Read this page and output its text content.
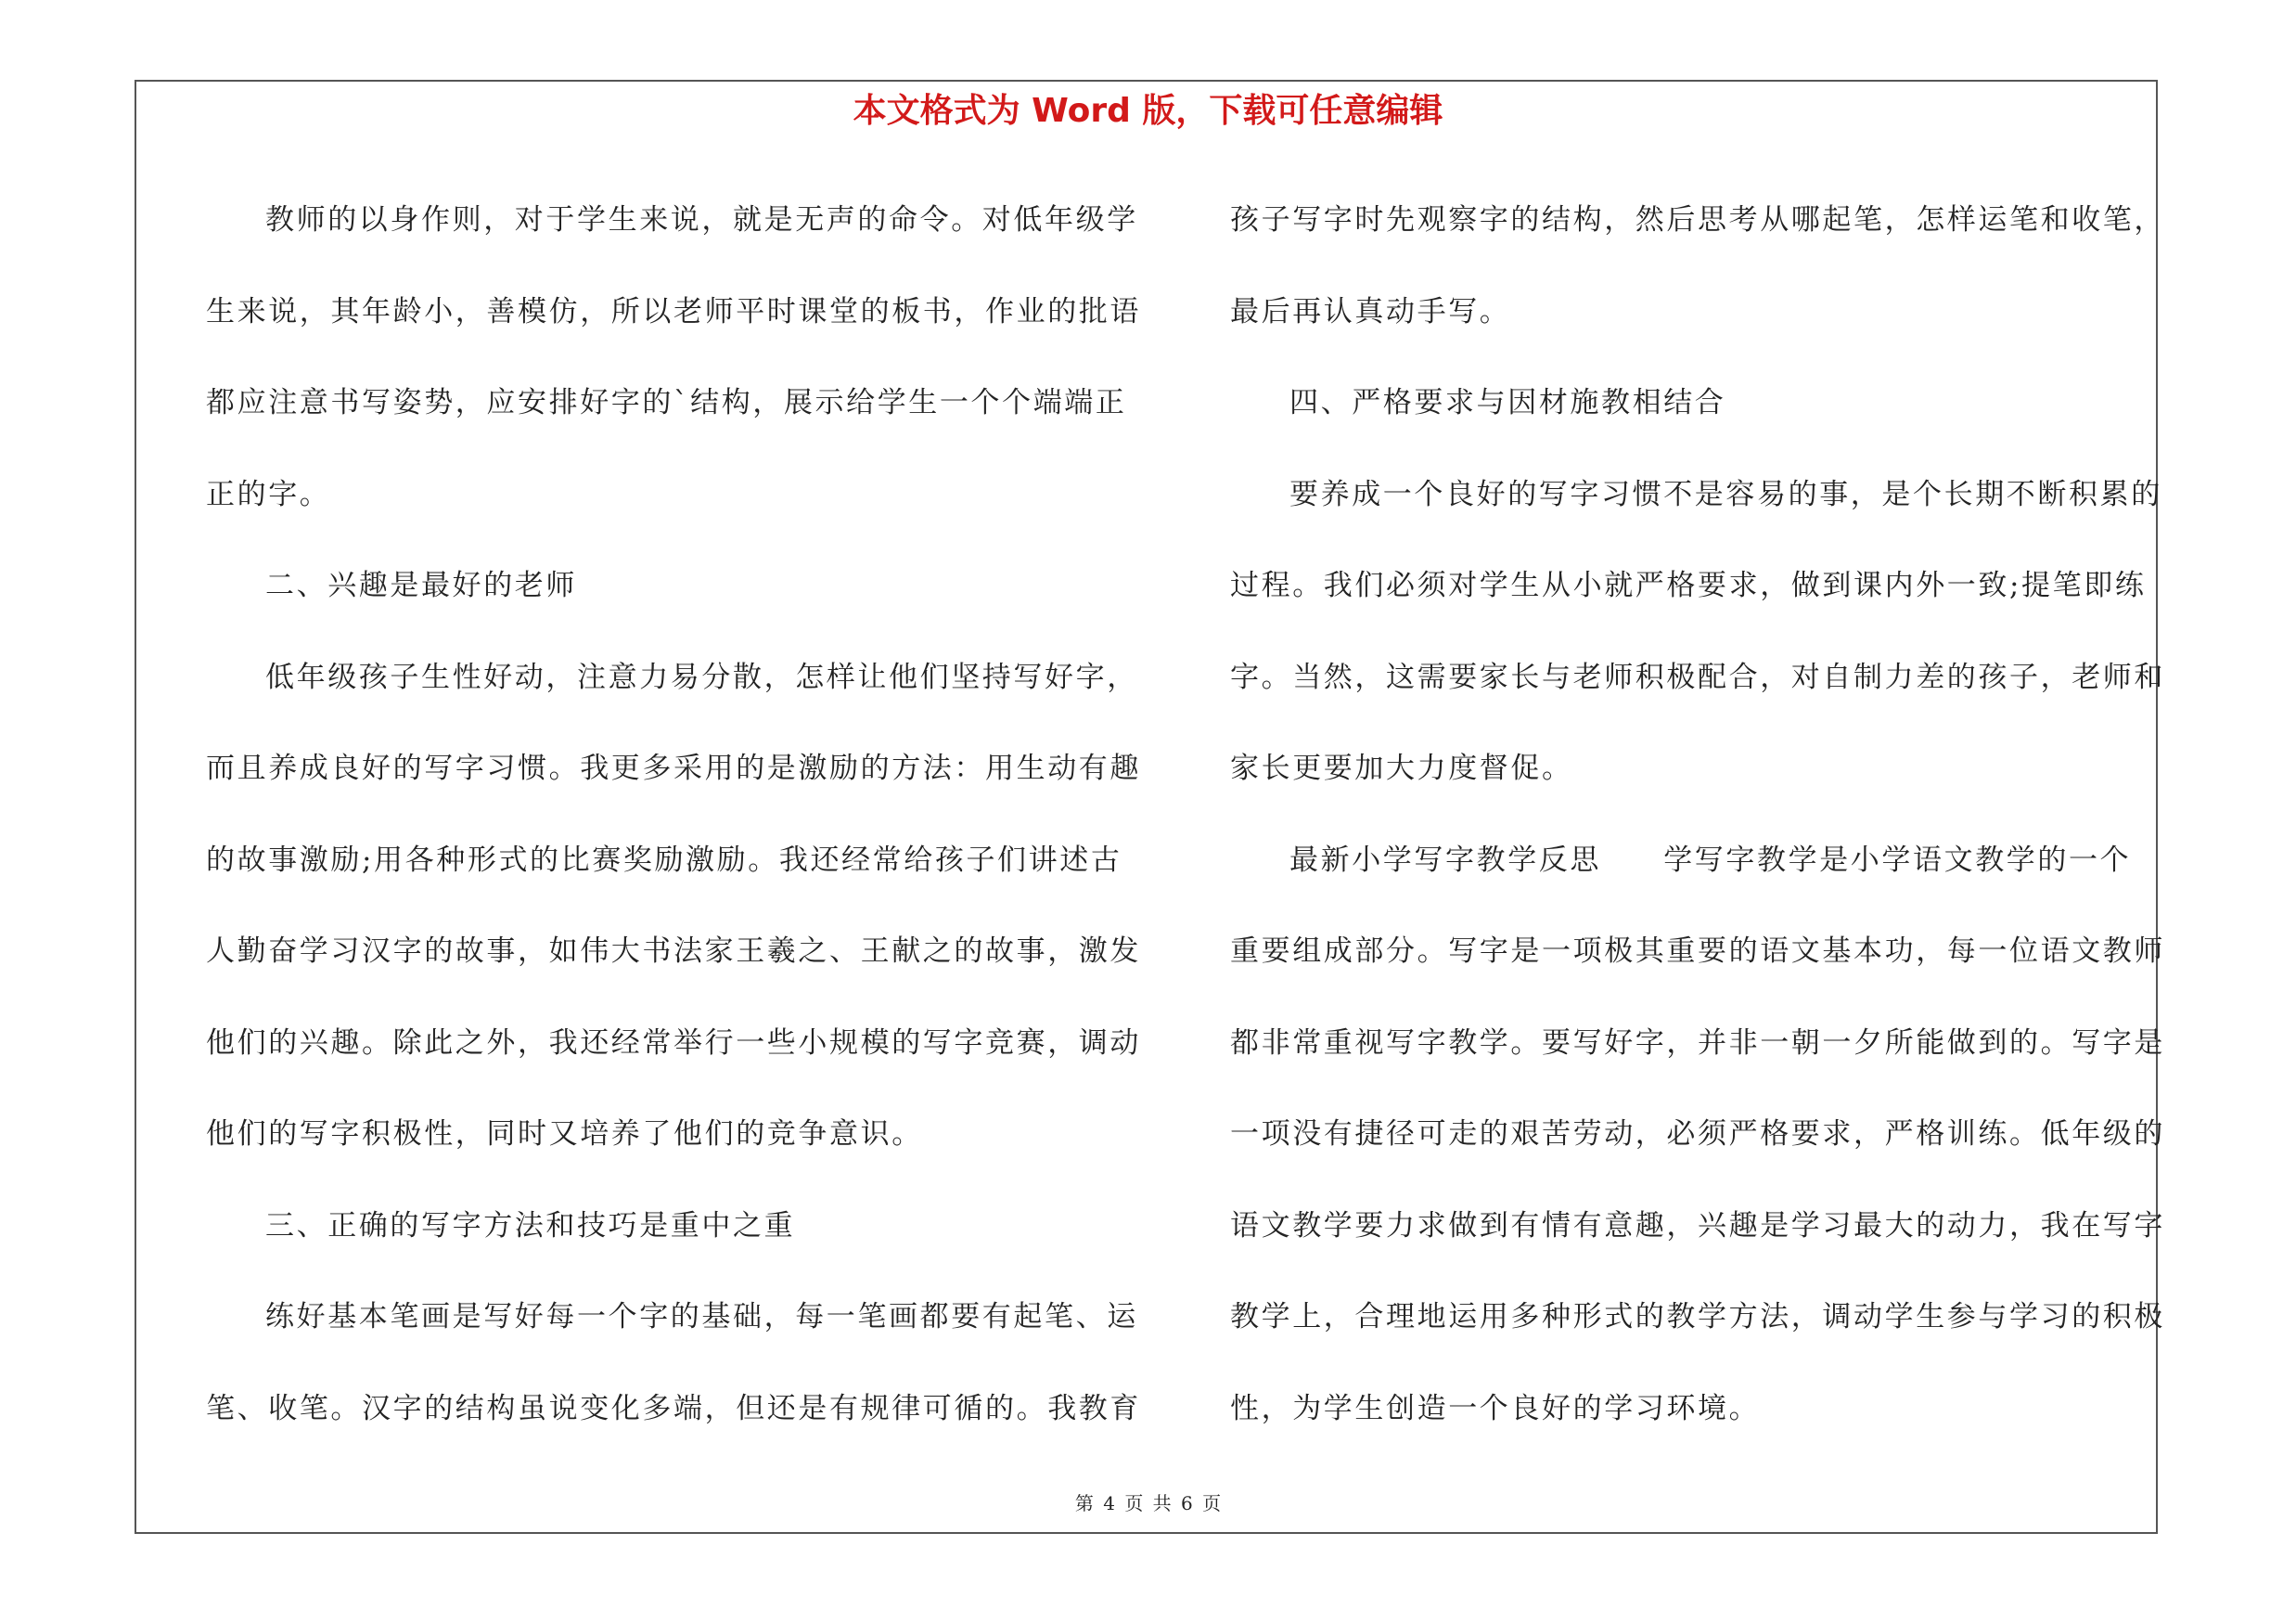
本文格式为 Word 版，下载可任意编辑
教师的以身作则，对于学生来说，就是无声的命令。对低年级学
生来说，其年龄小，善模仿，所以老师平时课堂的板书，作业的批语
都应注意书写姿势，应安排好字的`结构，展示给学生一个个端端正
正的字。
二、兴趣是最好的老师
低年级孩子生性好动，注意力易分散，怎样让他们坚持写好字，
而且养成良好的写字习惯。我更多采用的是激励的方法：用生动有趣
的故事激励;用各种形式的比赛奖励激励。我还经常给孩子们讲述古
人勤奋学习汉字的故事，如伟大书法家王羲之、王献之的故事，激发
他们的兴趣。除此之外，我还经常举行一些小规模的写字竞赛，调动
他们的写字积极性，同时又培养了他们的竞争意识。
三、正确的写字方法和技巧是重中之重
练好基本笔画是写好每一个字的基础，每一笔画都要有起笔、运
笔、收笔。汉字的结构虽说变化多端，但还是有规律可循的。我教育
孩子写字时先观察字的结构，然后思考从哪起笔，怎样运笔和收笔，
最后再认真动手写。
四、严格要求与因材施教相结合
要养成一个良好的写字习惯不是容易的事，是个长期不断积累的
过程。我们必须对学生从小就严格要求，做到课内外一致;提笔即练
字。当然，这需要家长与老师积极配合，对自制力差的孩子，老师和
家长更要加大力度督促。
最新小学写字教学反思　　学写字教学是小学语文教学的一个
重要组成部分。写字是一项极其重要的语文基本功，每一位语文教师
都非常重视写字教学。要写好字，并非一朝一夕所能做到的。写字是
一项没有捷径可走的艰苦劳动，必须严格要求，严格训练。低年级的
语文教学要力求做到有情有意趣，兴趣是学习最大的动力，我在写字
教学上，合理地运用多种形式的教学方法，调动学生参与学习的积极
性，为学生创造一个良好的学习环境。
第 4 页 共 6 页
